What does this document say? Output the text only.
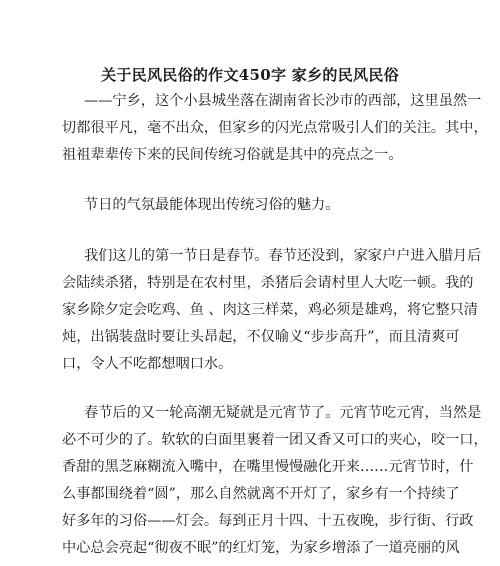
关于民风民俗的作文450字 家乡的民风民俗

——宁乡，这个小县城坐落在湖南省长沙市的西部，这里虽然一
切都很平凡，毫不出众，但家乡的闪光点常吸引人们的关注。其中，
祖祖辈辈传下来的民间传统习俗就是其中的亮点之一。

节日的气氛最能体现出传统习俗的魅力。

我们这儿的第一节日是春节。春节还没到，家家户户进入腊月后
会陆续杀猪，特别是在农村里，杀猪后会请村里人大吃一顿。我的
家乡除夕定会吃鸡、鱼 、肉这三样菜，鸡必须是雄鸡，将它整只清
炖，出锅装盘时要让头昂起，不仅喻义“步步高升”，而且清爽可
口，令人不吃都想咽口水。

春节后的又一轮高潮无疑就是元宵节了。元宵节吃元宵，当然是
必不可少的了。软软的白面里裹着一团又香又可口的夹心，咬一口，
香甜的黑芝麻糊流入嘴中，在嘴里慢慢融化开来……元宵节时，什
么事都围绕着“圆”，那么自然就离不开灯了，家乡有一个持续了
好多年的习俗——灯会。每到正月十四、十五夜晚，步行街、行政
中心总会亮起“彻夜不眠”的红灯笼，为家乡增添了一道亮丽的风
